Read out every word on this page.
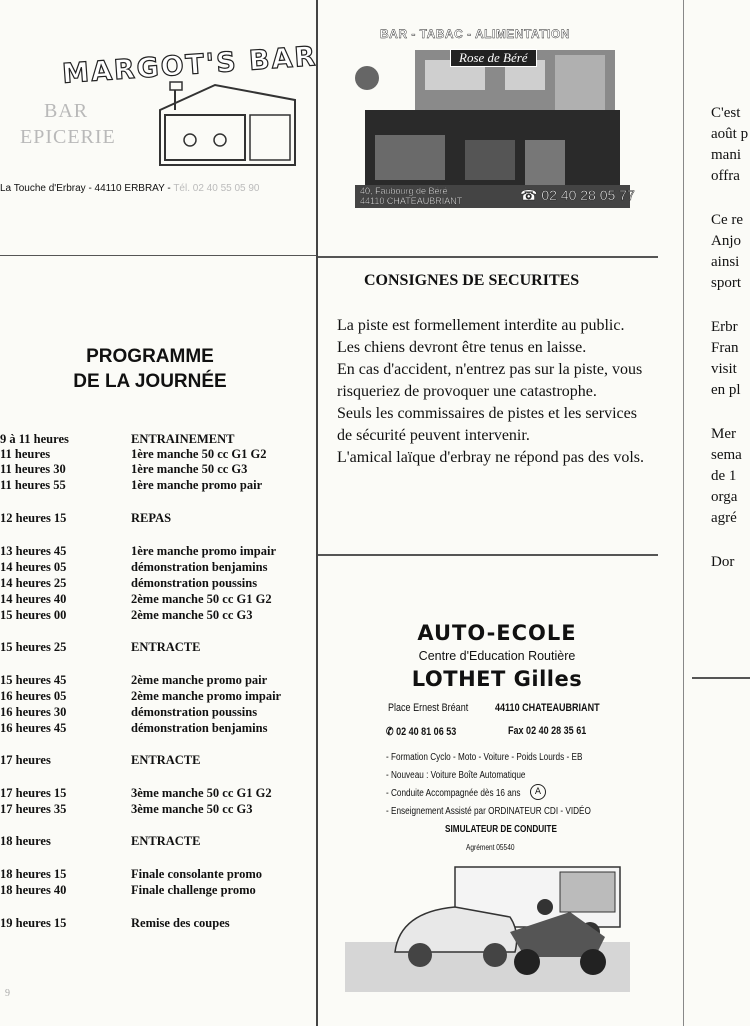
MARGOT'S BAR
BAR
EPICERIE
La Touche d'Erbray - 44110 ERBRAY - Tél. 02 40 55 05 90
BAR - TABAC - ALIMENTATION
Rose de Béré
40, Faubourg de Béré
44110 CHATEAUBRIANT	☎ 02 40 28 05 77
PROGRAMME
DE LA JOURNÉE
9 à 11 heures	ENTRAINEMENT
11 heures	1ère manche 50 cc G1 G2
11 heures 30	1ère manche 50 cc G3
11 heures 55	1ère manche promo pair
12 heures 15	REPAS
13 heures 45	1ère manche promo impair
14 heures 05	démonstration benjamins
14 heures 25	démonstration poussins
14 heures 40	2ème manche 50 cc G1 G2
15 heures 00	2ème manche 50 cc G3
15 heures 25	ENTRACTE
15 heures 45	2ème manche promo pair
16 heures 05	2ème manche promo impair
16 heures 30	démonstration poussins
16 heures 45	démonstration benjamins
17 heures	ENTRACTE
17 heures 15	3ème manche 50 cc G1 G2
17 heures 35	3ème manche 50 cc G3
18 heures	ENTRACTE
18 heures 15	Finale consolante promo
18 heures 40	Finale challenge promo
19 heures 15	Remise des coupes
CONSIGNES DE SECURITES

La piste est formellement interdite au public.

Les chiens devront être tenus en laisse.

En cas d'accident, n'entrez pas sur la piste, vous risqueriez de provoquer une catastrophe.

Seuls les commissaires de pistes et les services de sécurité peuvent intervenir.

L'amical laïque d'erbray ne répond pas des vols.

AUTO-ECOLE
Centre d'Education Routière
LOTHET Gilles
Place Ernest Bréant 44110 CHATEAUBRIANT
✆ 02 40 81 06 53	Fax 02 40 28 35 61
- Formation Cyclo - Moto - Voiture - Poids Lourds - EB
- Nouveau : Voiture Boîte Automatique
- Conduite Accompagnée dès 16 ans	A
- Enseignement Assisté par ORDINATEUR CDI - VIDÉO
SIMULATEUR DE CONDUITE
Agrément 05540
C'est
août p
mani
offra
Ce re
Anjo
ainsi
sport
Erbr
Fran
visit
en pl
Mer
sema
de 1
orga
agré
Dor
9
